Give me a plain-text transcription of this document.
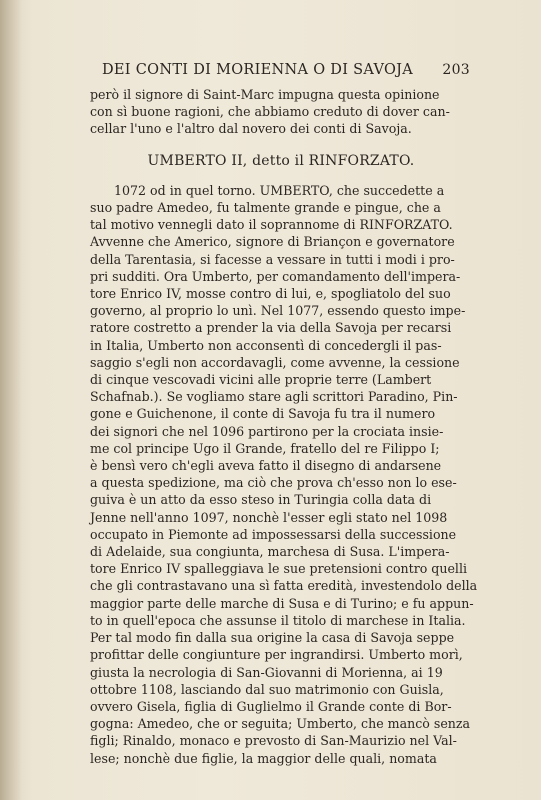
DEI CONTI DI MORIENNA O DI SAVOJA 203

però il signore di Saint-Marc impugna questa opinione
con sì buone ragioni, che abbiamo creduto di dover can-
cellar l'uno e l'altro dal novero dei conti di Savoja.

UMBERTO II, detto il RINFORZATO.

1072 od in quel torno. UMBERTO, che succedette a
suo padre Amedeo, fu talmente grande e pingue, che a
tal motivo vennegli dato il soprannome di RINFORZATO.
Avvenne che Americo, signore di Briançon e governatore
della Tarentasia, si facesse a vessare in tutti i modi i pro-
pri sudditi. Ora Umberto, per comandamento dell'impera-
tore Enrico IV, mosse contro di lui, e, spogliatolo del suo
governo, al proprio lo unì. Nel 1077, essendo questo impe-
ratore costretto a prender la via della Savoja per recarsi
in Italia, Umberto non acconsentì di concedergli il pas-
saggio s'egli non accordavagli, come avvenne, la cessione
di cinque vescovadi vicini alle proprie terre (Lambert
Schafnab.). Se vogliamo stare agli scrittori Paradino, Pin-
gone e Guichenone, il conte di Savoja fu tra il numero
dei signori che nel 1096 partirono per la crociata insie-
me col principe Ugo il Grande, fratello del re Filippo I;
è bensì vero ch'egli aveva fatto il disegno di andarsene
a questa spedizione, ma ciò che prova ch'esso non lo ese-
guiva è un atto da esso steso in Turingia colla data di
Jenne nell'anno 1097, nonchè l'esser egli stato nel 1098
occupato in Piemonte ad impossessarsi della successione
di Adelaide, sua congiunta, marchesa di Susa. L'impera-
tore Enrico IV spalleggiava le sue pretensioni contro quelli
che gli contrastavano una sì fatta eredità, investendolo della
maggior parte delle marche di Susa e di Turino; e fu appun-
to in quell'epoca che assunse il titolo di marchese in Italia.
Per tal modo fin dalla sua origine la casa di Savoja seppe
profittar delle congiunture per ingrandirsi. Umberto morì,
giusta la necrologia di San-Giovanni di Morienna, ai 19
ottobre 1108, lasciando dal suo matrimonio con Guisla,
ovvero Gisela, figlia di Guglielmo il Grande conte di Bor-
gogna: Amedeo, che or seguita; Umberto, che mancò senza
figli; Rinaldo, monaco e prevosto di San-Maurizio nel Val-
lese; nonchè due figlie, la maggior delle quali, nomata
